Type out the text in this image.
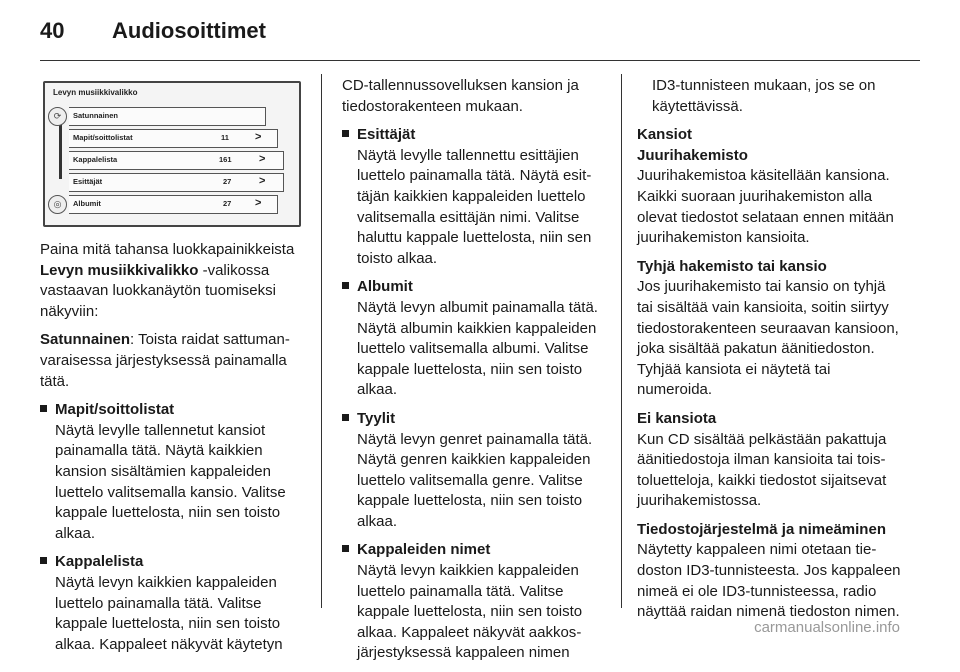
40	Audiosoittimet
Levyn musiikkivalikko
⟳	Satunnainen
Mapit/soittolistat	11 >
Kappalelista	161 >
Esittäjät	27	>
◎	Albumit	27 >

Paina mitä tahansa luokkapainikkeista Levyn musiikkivalikko -valikossa vastaavan luokkanäytön tuomiseksi näkyviin:

Satunnainen: Toista raidat sattumanvaraisessa järjestyksessä painamalla tätä.

Mapit/soittolistat
Näytä levylle tallennetut kansiot painamalla tätä. Näytä kaikkien kansion sisältämien kappaleiden luettelo valitsemalla kansio. Valitse kappale luettelosta, niin sen toisto alkaa.
Kappalelista
Näytä levyn kaikkien kappaleiden luettelo painamalla tätä. Valitse kappale luettelosta, niin sen toisto alkaa. Kappaleet näkyvät käytetyn

CD-tallennussovelluksen kansion ja tiedostorakenteen mukaan.

Esittäjät
Näytä levylle tallennettu esittäjien luettelo painamalla tätä. Näytä esittäjän kaikkien kappaleiden luettelo valitsemalla esittäjän nimi. Valitse haluttu kappale luettelosta, niin sen toisto alkaa.
Albumit
Näytä levyn albumit painamalla tätä. Näytä albumin kaikkien kappaleiden luettelo valitsemalla albumi. Valitse kappale luettelosta, niin sen toisto alkaa.
Tyylit
Näytä levyn genret painamalla tätä. Näytä genren kaikkien kappaleiden luettelo valitsemalla genre. Valitse kappale luettelosta, niin sen toisto alkaa.
Kappaleiden nimet
Näytä levyn kaikkien kappaleiden luettelo painamalla tätä. Valitse kappale luettelosta, niin sen toisto alkaa. Kappaleet näkyvät aakkosjärjestyksessä kappaleen nimen

ID3-tunnisteen mukaan, jos se on käytettävissä.

Kansiot
Juurihakemisto
Juurihakemistoa käsitellään kansiona. Kaikki suoraan juurihakemiston alla olevat tiedostot selataan ennen mitään juurihakemiston kansioita.
Tyhjä hakemisto tai kansio
Jos juurihakemisto tai kansio on tyhjä tai sisältää vain kansioita, soitin siirtyy tiedostorakenteen seuraavan kansioon, joka sisältää pakatun äänitiedoston. Tyhjää kansiota ei näytetä tai numeroida.
Ei kansiota
Kun CD sisältää pelkästään pakattuja äänitiedostoja ilman kansioita tai toistoluetteloja, kaikki tiedostot sijaitsevat juurihakemistossa.
Tiedostojärjestelmä ja nimeäminen
Näytetty kappaleen nimi otetaan tiedoston ID3-tunnisteesta. Jos kappaleen nimeä ei ole ID3-tunnisteessa, radio näyttää raidan nimenä tiedoston nimen.
carmanualsonline.info
